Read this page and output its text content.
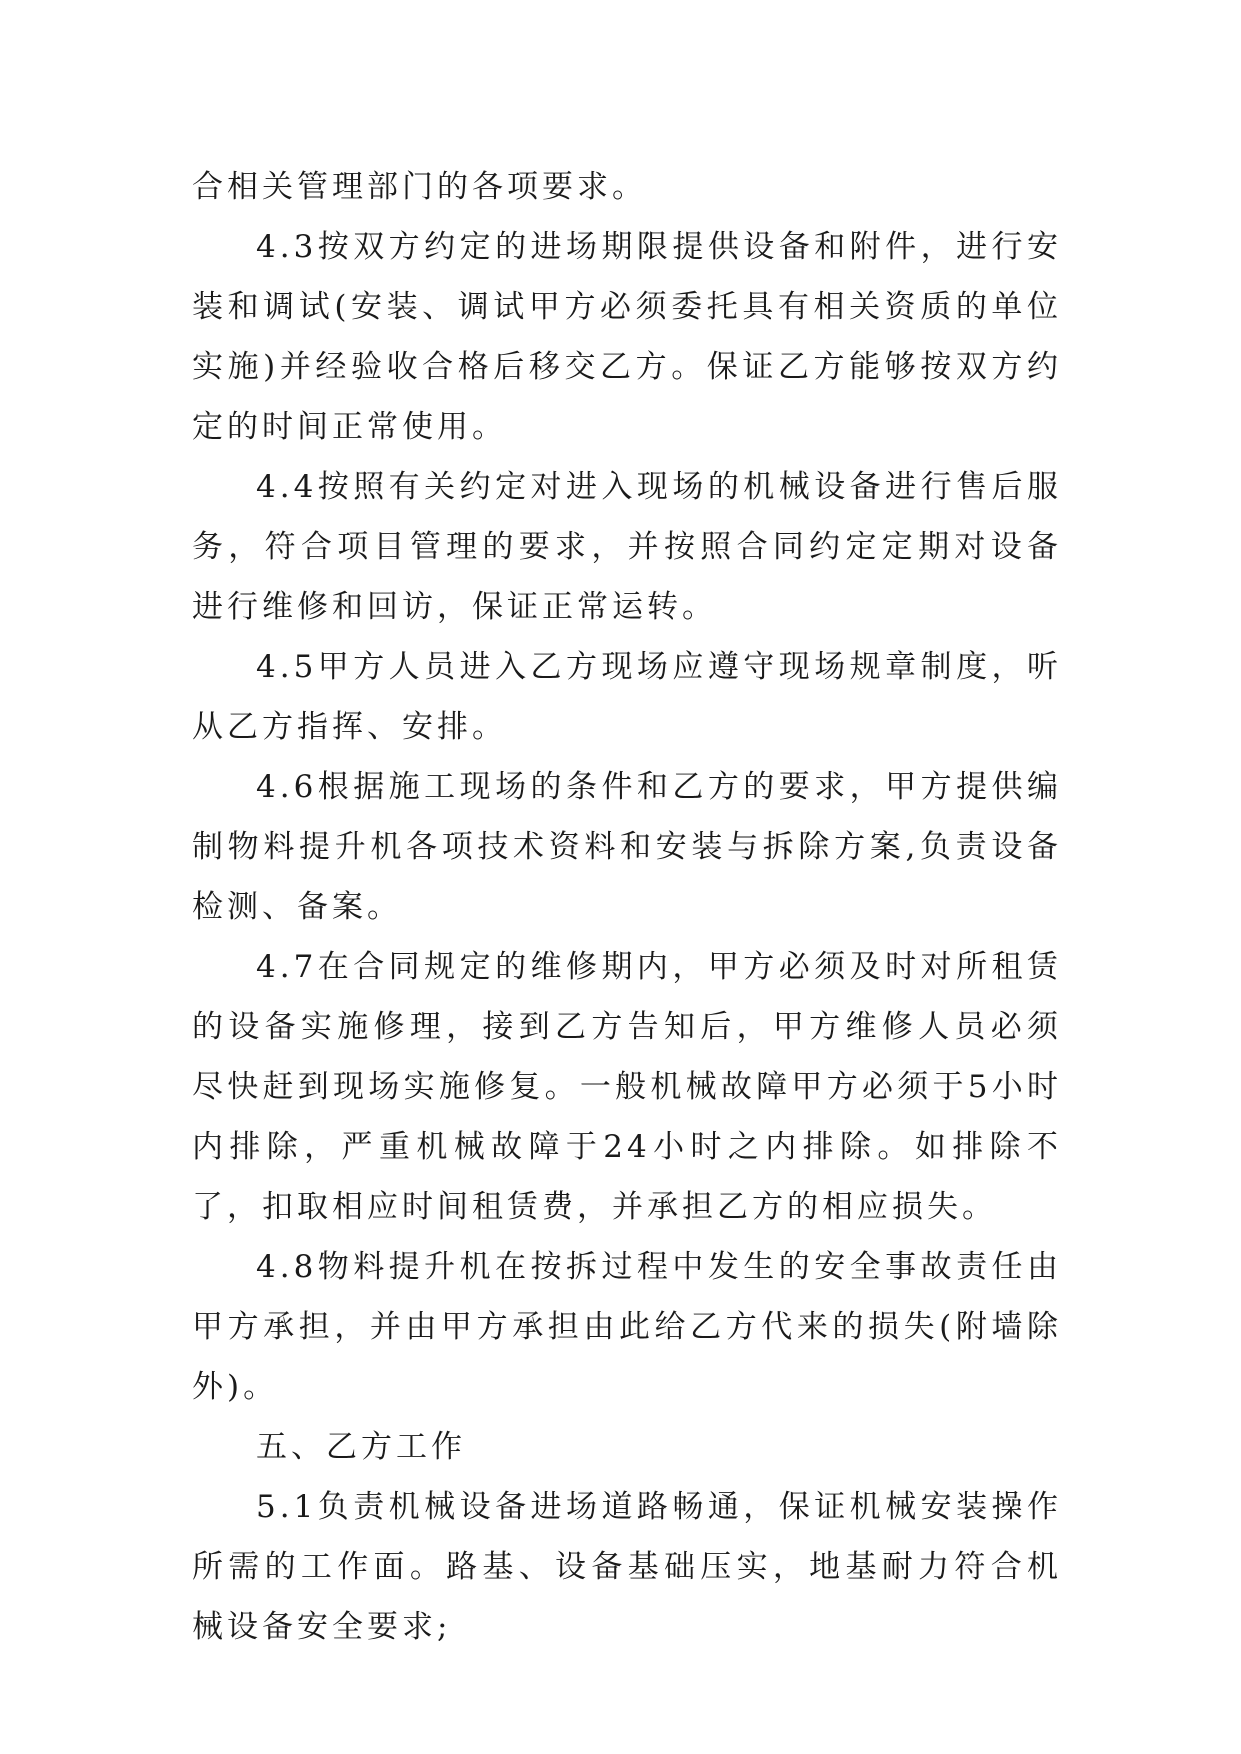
合相关管理部门的各项要求。

4.3按双方约定的进场期限提供设备和附件，进行安装和调试(安装、调试甲方必须委托具有相关资质的单位实施)并经验收合格后移交乙方。保证乙方能够按双方约定的时间正常使用。

4.4按照有关约定对进入现场的机械设备进行售后服务，符合项目管理的要求，并按照合同约定定期对设备进行维修和回访，保证正常运转。

4.5甲方人员进入乙方现场应遵守现场规章制度，听从乙方指挥、安排。

4.6根据施工现场的条件和乙方的要求，甲方提供编制物料提升机各项技术资料和安装与拆除方案,负责设备检测、备案。

4.7在合同规定的维修期内，甲方必须及时对所租赁的设备实施修理，接到乙方告知后，甲方维修人员必须尽快赶到现场实施修复。一般机械故障甲方必须于5小时内排除，严重机械故障于24小时之内排除。如排除不了，扣取相应时间租赁费，并承担乙方的相应损失。

4.8物料提升机在按拆过程中发生的安全事故责任由甲方承担，并由甲方承担由此给乙方代来的损失(附墙除外)。

五、乙方工作

5.1负责机械设备进场道路畅通，保证机械安装操作所需的工作面。路基、设备基础压实，地基耐力符合机械设备安全要求;
